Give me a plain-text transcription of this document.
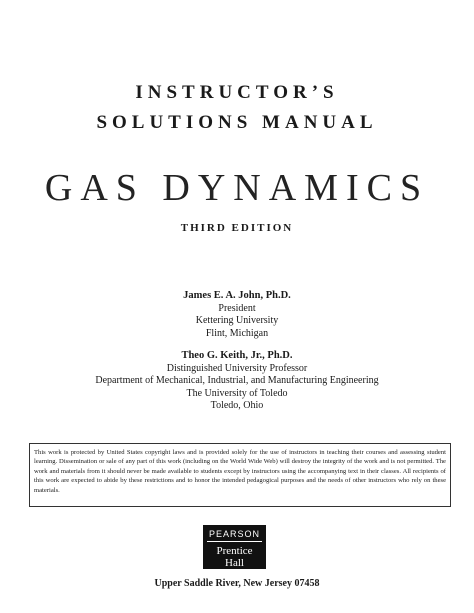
INSTRUCTOR’S
SOLUTIONS MANUAL
GAS DYNAMICS
THIRD EDITION
James E. A. John, Ph.D.
President
Kettering University
Flint, Michigan
Theo G. Keith, Jr., Ph.D.
Distinguished University Professor
Department of Mechanical, Industrial, and Manufacturing Engineering
The University of Toledo
Toledo, Ohio
This work is protected by United States copyright laws and is provided solely for the use of instructors in teaching their courses and assessing student learning. Dissemination or sale of any part of this work (including on the World Wide Web) will destroy the integrity of the work and is not permitted. The work and materials from it should never be made available to students except by instructors using the accompanying text in their classes. All recipients of this work are expected to abide by these restrictions and to honor the intended pedagogical purposes and the needs of other instructors who rely on these materials.
PEARSON
Prentice
Hall
Upper Saddle River, New Jersey 07458
